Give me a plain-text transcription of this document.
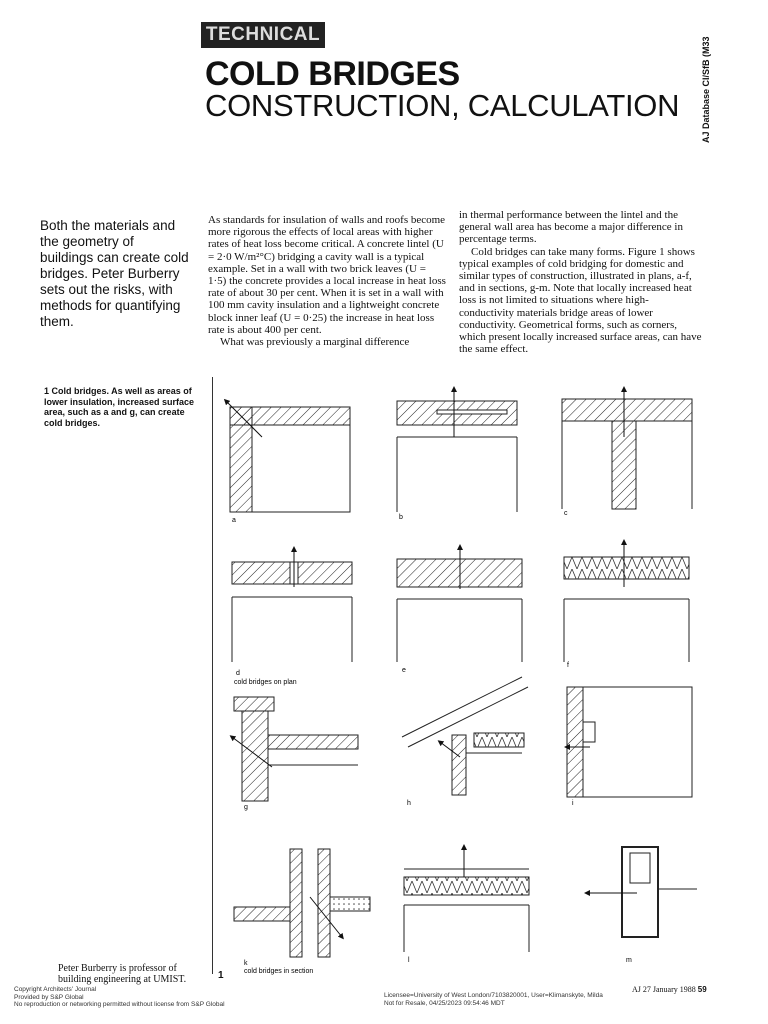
TECHNICAL
COLD BRIDGES
CONSTRUCTION, CALCULATION AJ Database CI/SfB (M33
Both the materials and the geometry of buildings can create cold bridges. Peter Burberry sets out the risks, with methods for quantifying them.

As standards for insulation of walls and roofs become more rigorous the effects of local areas with higher rates of heat loss become critical. A concrete lintel (U = 2·0 W/m²°C) bridging a cavity wall is a typical example. Set in a wall with two brick leaves (U = 1·5) the concrete provides a local increase in heat loss rate of about 30 per cent. When it is set in a wall with 100 mm cavity insulation and a lightweight concrete block inner leaf (U = 0·25) the increase in heat loss rate is about 400 per cent.

What was previously a marginal difference

in thermal performance between the lintel and the general wall area has become a major difference in percentage terms.

Cold bridges can take many forms. Figure 1 shows typical examples of cold bridging for domestic and similar types of construction, illustrated in plans, a-f, and in sections, g-m. Note that locally increased heat loss is not limited to situations where high-conductivity materials bridge areas of lower conductivity. Geometrical forms, such as corners, which present locally increased surface areas, can have the same effect.

1 Cold bridges. As well as areas of lower insulation, increased surface area, such as a and g, can create cold bridges.
a	b
c
d	e
f
cold bridges on plan
g
h	i
k	l	m
cold bridges in section
Peter Burberry is professor of building engineering at UMIST.	1
Copyright Architects' Journal
Provided by S&P Global
No reproduction or networking permitted without license from S&P Global
Licensee=University of West London/7103820001, User=Klimanskyte, Milda
Not for Resale, 04/25/2023 09:54:46 MDT
AJ 27 January 1988 59
